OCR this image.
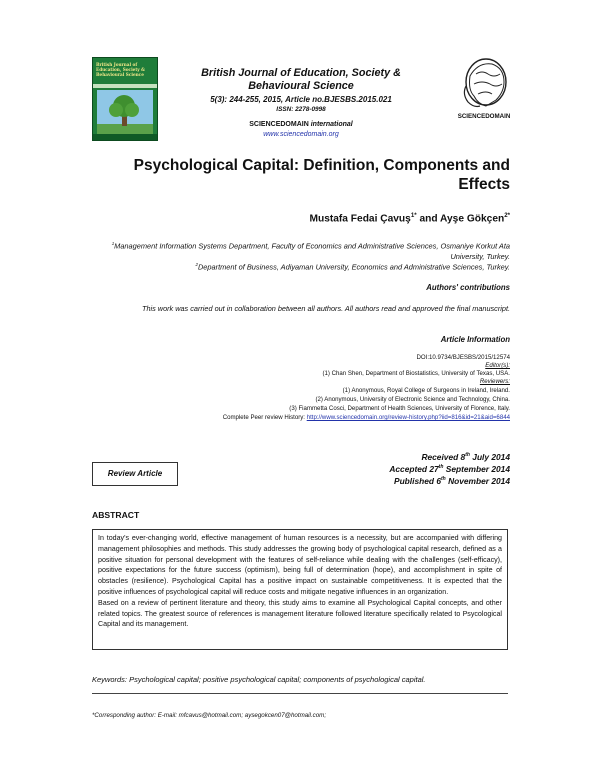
British Journal of Education, Society & Behavioural Science	British Journal of Education, Society & Behavioural Science
5(3): 244-255, 2015, Article no.BJESBS.2015.021
ISSN: 2278-0998
SCIENCEDOMAIN international
www.sciencedomain.org
SCIENCEDOMAIN
Psychological Capital: Definition, Components and Effects
Mustafa Fedai Çavuş$^{1*}$ and Ayşe Gökçen$^{2*}$
$^1$Management Information Systems Department, Faculty of Economics and Administrative Sciences, Osmaniye Korkut Ata University, Turkey.
$^2$Department of Business, Adiyaman University, Economics and Administrative Sciences, Turkey.
Authors' contributions
This work was carried out in collaboration between all authors. All authors read and approved the final manuscript.
Article Information
DOI:10.9734/BJESBS/2015/12574
Editor(s):
(1) Chan Shen, Department of Biostatistics, University of Texas, USA.
Reviewers:
(1) Anonymous, Royal College of Surgeons in Ireland, Ireland.
(2) Anonymous, University of Electronic Science and Technology, China.
(3) Fiammetta Cosci, Department of Health Sciences, University of Florence, Italy.
Complete Peer review History: http://www.sciencedomain.org/review-history.php?iid=816&id=21&aid=6844
Review Article
Received 8th July 2014
Accepted 27th September 2014
Published 6th November 2014
ABSTRACT

In today's ever-changing world, effective management of human resources is a necessity, but are accompanied with differing management philosophies and methods. This study addresses the growing body of psychological capital research, defined as a positive situation for personal development with the features of self-reliance while dealing with the challenges (self-efficacy), positive expectations for the future success (optimism), being full of determination (hope), and accomplishment in spite of obstacles (resilience). Psychological Capital has a positive impact on sustainable competitiveness. It is expected that the positive influences of psychological capital will reduce costs and mitigate negative influences in an organization.

Based on a review of pertinent literature and theory, this study aims to examine all Psychological Capital concepts, and other related topics. The greatest source of references is management literature followed literature specifically related to Psycological Capital and its management.

Keywords: Psychological capital; positive psychological capital; components of psychological capital.
*Corresponding author: E-mail: mfcavus@hotmail.com; aysegokcen07@hotmail.com;
